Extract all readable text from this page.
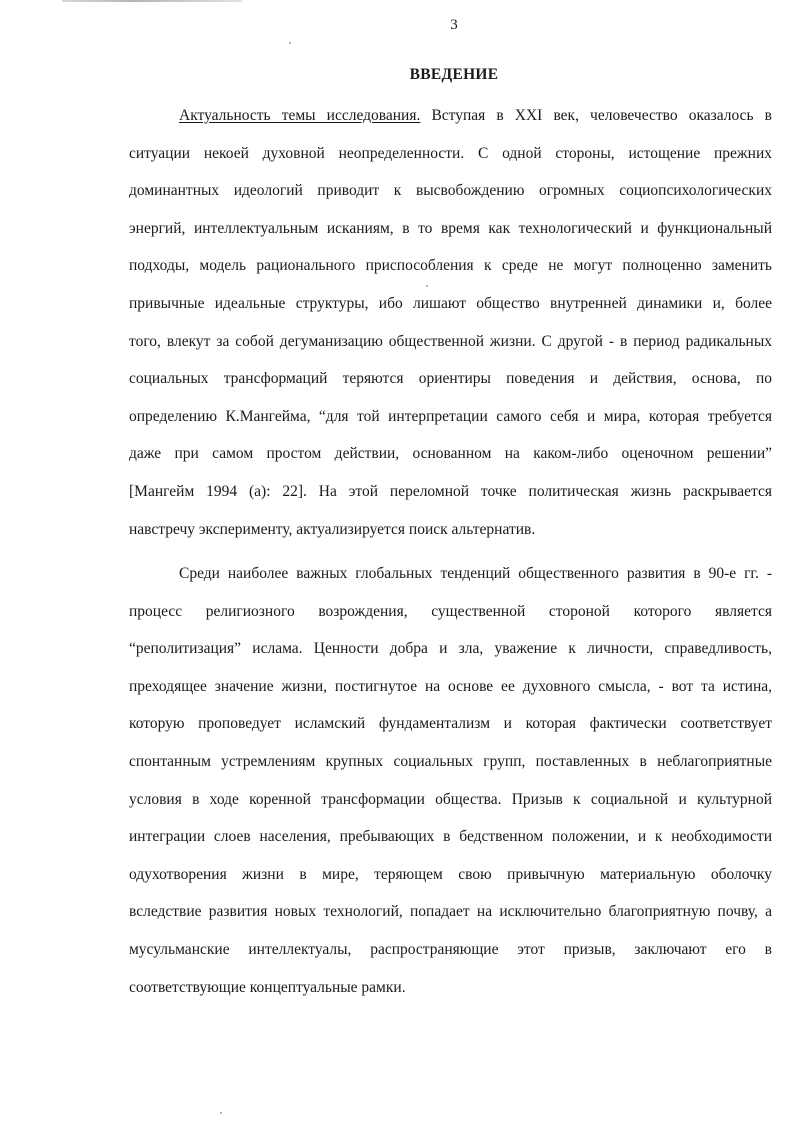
3
ВВЕДЕНИЕ
Актуальность темы исследования. Вступая в XXI век, человечество оказалось в
ситуации некоей духовной неопределенности. С одной стороны, истощение прежних
доминантных идеологий приводит к высвобождению огромных социопсихологических
энергий, интеллектуальным исканиям, в то время как технологический и функциональный
подходы, модель рационального приспособления к среде не могут полноценно заменить
привычные идеальные структуры, ибо лишают общество внутренней динамики и, более
того, влекут за собой дегуманизацию общественной жизни. С другой - в период радикальных
социальных трансформаций теряются ориентиры поведения и действия, основа, по
определению К.Мангейма, “для той интерпретации самого себя и мира, которая требуется
даже при самом простом действии, основанном на каком-либо оценочном решении”
[Мангейм 1994 (а): 22]. На этой переломной точке политическая жизнь раскрывается
навстречу эксперименту, актуализируется поиск альтернатив.
Среди наиболее важных глобальных тенденций общественного развития в 90-е гг. -
процесс религиозного возрождения, существенной стороной которого является
“реполитизация” ислама. Ценности добра и зла, уважение к личности, справедливость,
преходящее значение жизни, постигнутое на основе ее духовного смысла, - вот та истина,
которую проповедует исламский фундаментализм и которая фактически соответствует
спонтанным устремлениям крупных социальных групп, поставленных в неблагоприятные
условия в ходе коренной трансформации общества. Призыв к социальной и культурной
интеграции слоев населения, пребывающих в бедственном положении, и к необходимости
одухотворения жизни в мире, теряющем свою привычную материальную оболочку
вследствие развития новых технологий, попадает на исключительно благоприятную почву, а
мусульманские интеллектуалы, распространяющие этот призыв, заключают его в
соответствующие концептуальные рамки.
